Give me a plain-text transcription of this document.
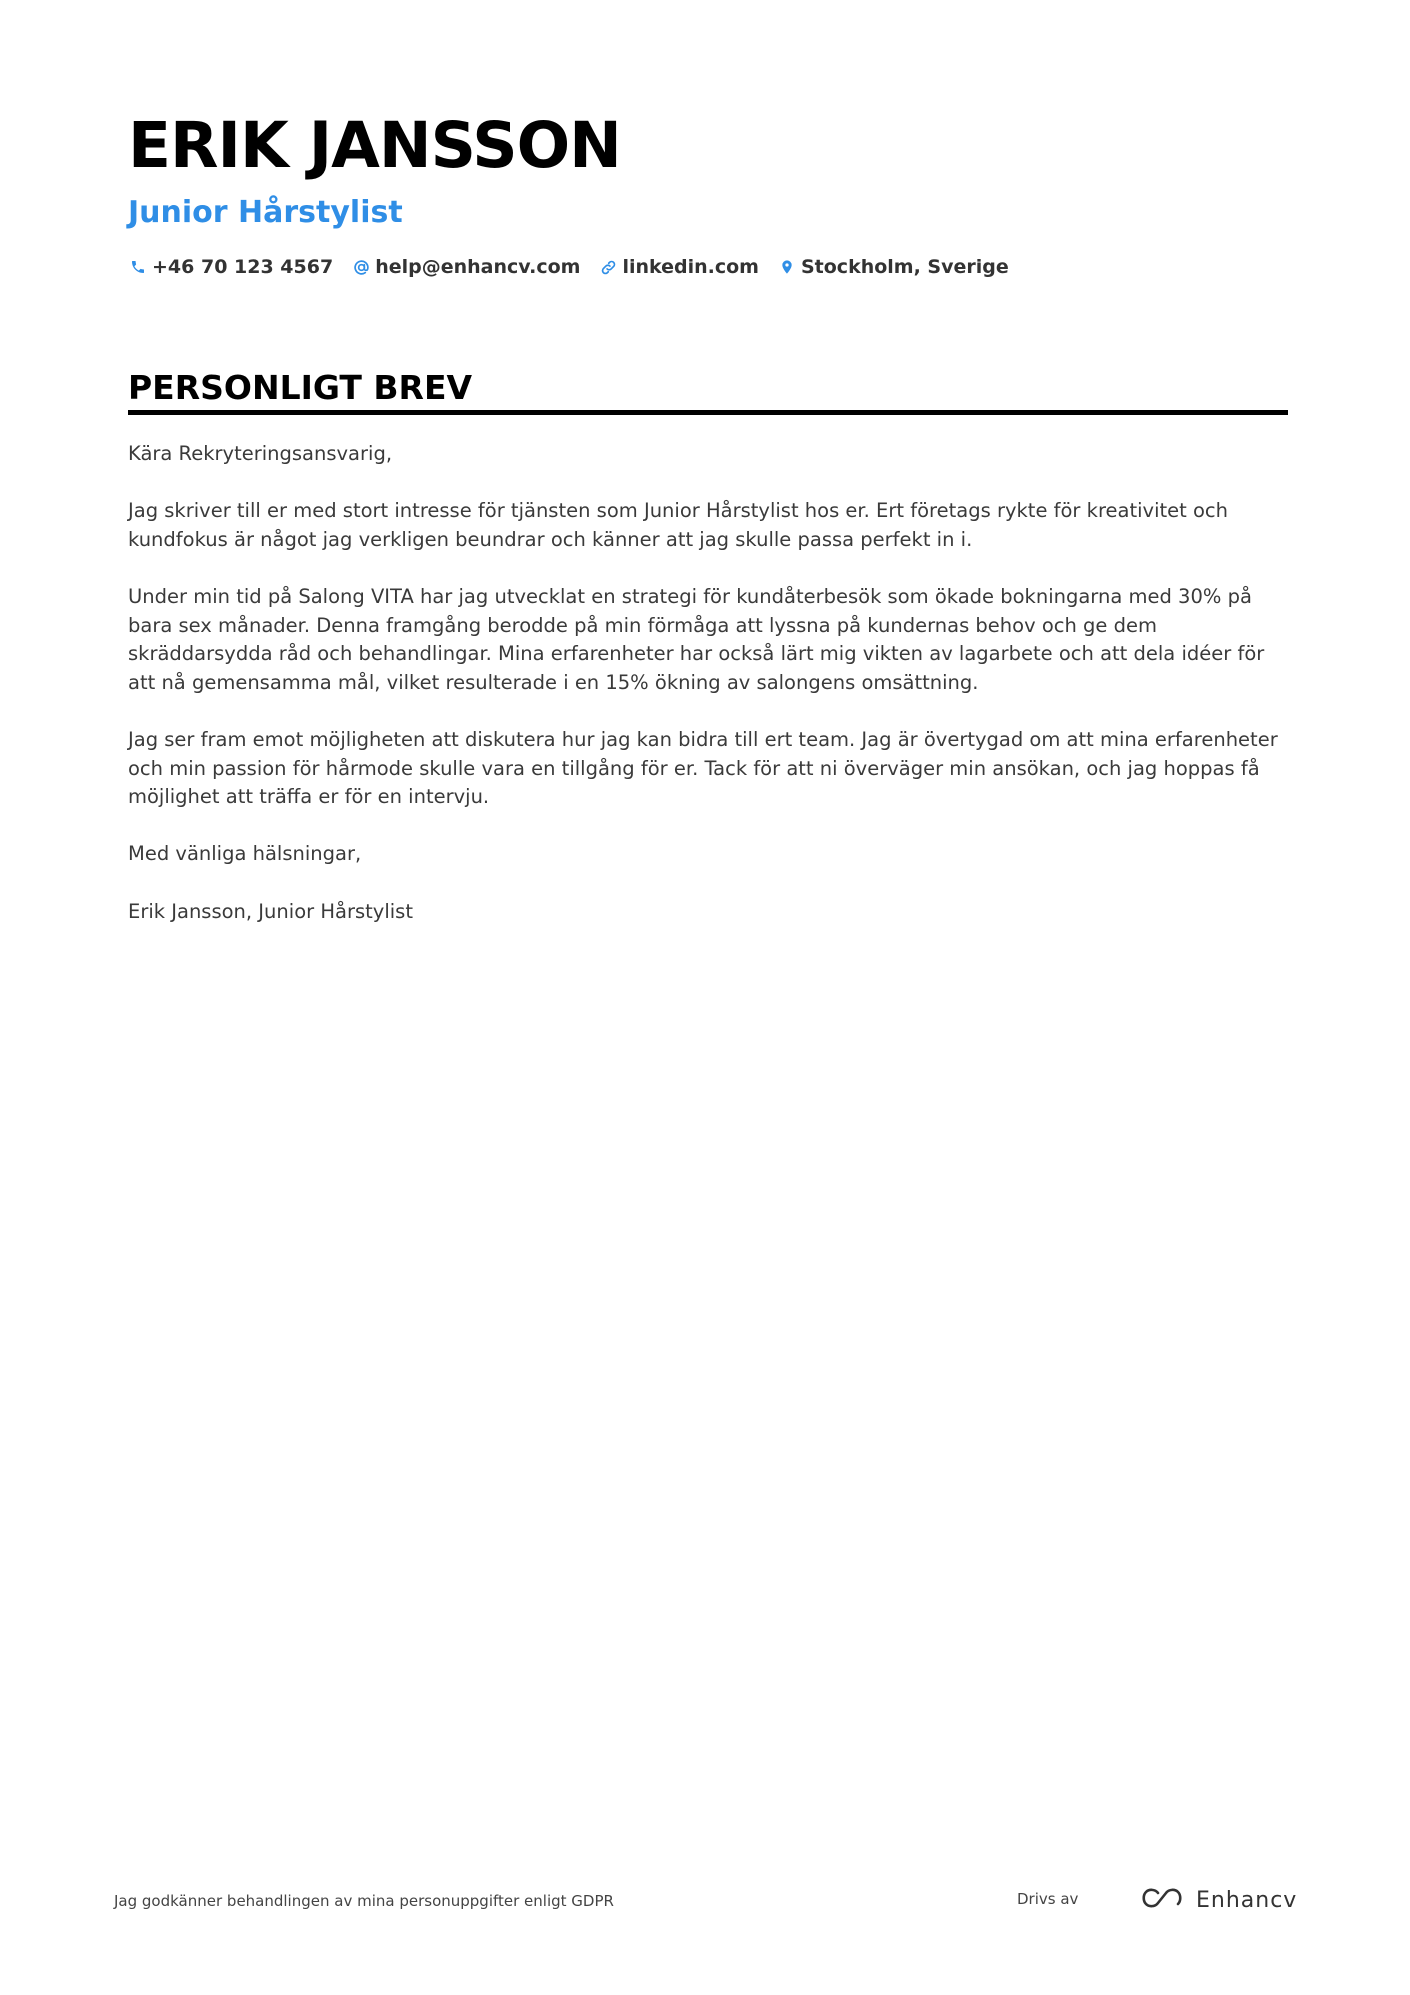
ERIK JANSSON
Junior Hårstylist
+46 70 123 4567 help@enhancv.com linkedin.com Stockholm, Sverige
PERSONLIGT BREV

Kära Rekryteringsansvarig,

Jag skriver till er med stort intresse för tjänsten som Junior Hårstylist hos er. Ert företags rykte för kreativitet och kundfokus är något jag verkligen beundrar och känner att jag skulle passa perfekt in i.

Under min tid på Salong VITA har jag utvecklat en strategi för kundåterbesök som ökade bokningarna med 30% på bara sex månader. Denna framgång berodde på min förmåga att lyssna på kundernas behov och ge dem skräddarsydda råd och behandlingar. Mina erfarenheter har också lärt mig vikten av lagarbete och att dela idéer för att nå gemensamma mål, vilket resulterade i en 15% ökning av salongens omsättning.

Jag ser fram emot möjligheten att diskutera hur jag kan bidra till ert team. Jag är övertygad om att mina erfarenheter och min passion för hårmode skulle vara en tillgång för er. Tack för att ni överväger min ansökan, och jag hoppas få möjlighet att träffa er för en intervju.

Med vänliga hälsningar,

Erik Jansson, Junior Hårstylist

Jag godkänner behandlingen av mina personuppgifter enligt GDPR	Drivs av	Enhancv
